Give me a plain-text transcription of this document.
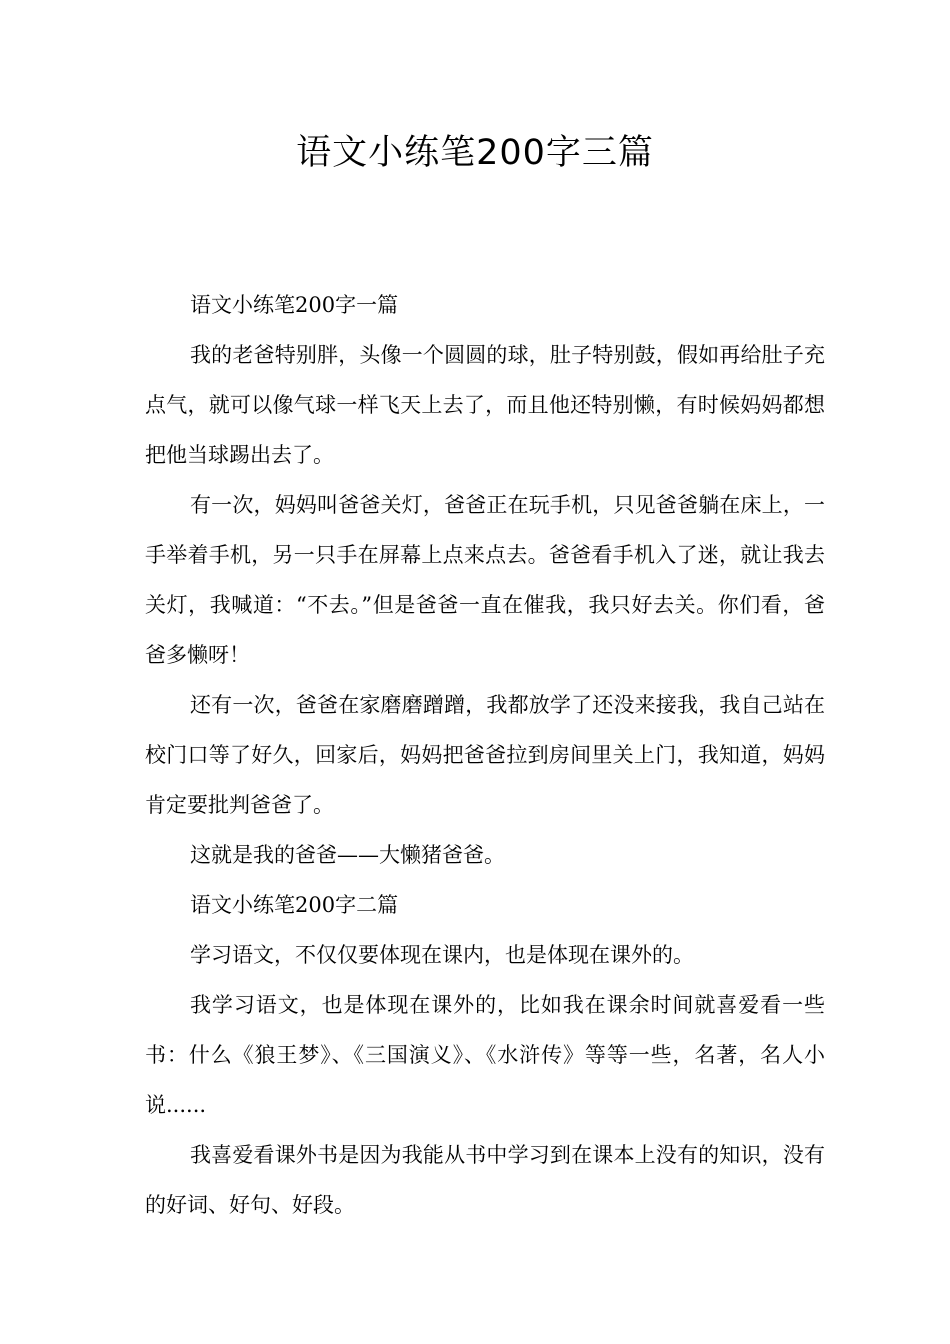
语文小练笔200字三篇

语文小练笔200字一篇

我的老爸特别胖，头像一个圆圆的球，肚子特别鼓，假如再给肚子充点气，就可以像气球一样飞天上去了，而且他还特别懒，有时候妈妈都想把他当球踢出去了。

有一次，妈妈叫爸爸关灯，爸爸正在玩手机，只见爸爸躺在床上，一手举着手机，另一只手在屏幕上点来点去。爸爸看手机入了迷，就让我去关灯，我喊道：“不去。”但是爸爸一直在催我，我只好去关。你们看，爸爸多懒呀！

还有一次，爸爸在家磨磨蹭蹭，我都放学了还没来接我，我自己站在校门口等了好久，回家后，妈妈把爸爸拉到房间里关上门，我知道，妈妈肯定要批判爸爸了。

这就是我的爸爸——大懒猪爸爸。

语文小练笔200字二篇

学习语文，不仅仅要体现在课内，也是体现在课外的。

我学习语文，也是体现在课外的，比如我在课余时间就喜爱看一些书：什么《狼王梦》、《三国演义》、《水浒传》等等一些，名著，名人小说......

我喜爱看课外书是因为我能从书中学习到在课本上没有的知识，没有的好词、好句、好段。
